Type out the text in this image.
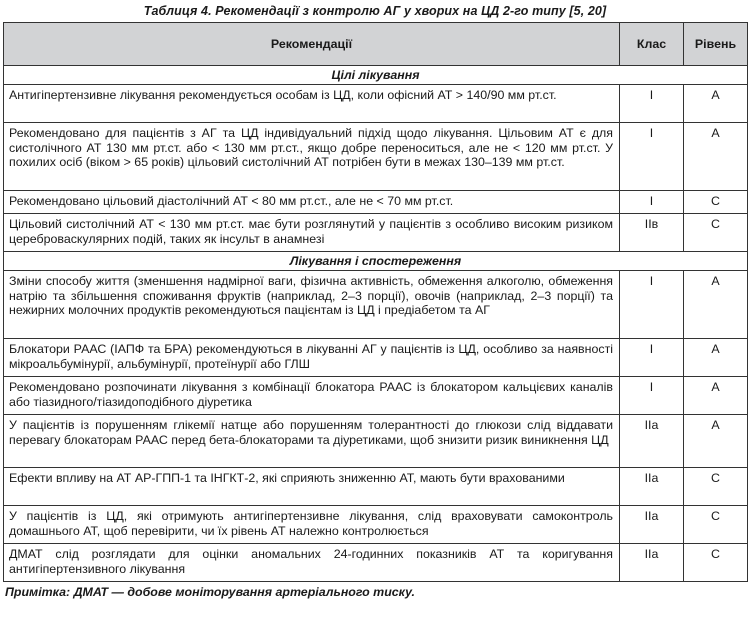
Таблиця 4. Рекомендації з контролю АГ у хворих на ЦД 2-го типу [5, 20]
Рекомендації	Клас	Рівень
Цілі лікування		
Антигіпертензивне лікування рекомендується особам із ЦД, коли офісний АТ > 140/90 мм рт.ст.	I	A
Рекомендовано для пацієнтів з АГ та ЦД індивідуальний підхід щодо лікування. Цільовим АТ є для систолічного АТ 130 мм рт.ст. або < 130 мм рт.ст., якщо добре переноситься, але не < 120 мм рт.ст. У похилих осіб (віком > 65 років) цільовий систолічний АТ потрібен бути в межах 130–139 мм рт.ст.	I	A
Рекомендовано цільовий діастолічний АТ < 80 мм рт.ст., але не < 70 мм рт.ст.	I	C
Цільовий систолічний АТ < 130 мм рт.ст. має бути розглянутий у пацієнтів з особливо високим ризиком цереброваскулярних подій, таких як інсульт в анамнезі	IIв	C
Лікування і спостереження		
Зміни способу життя (зменшення надмірної ваги, фізична активність, обмеження алкоголю, обмеження натрію та збільшення споживання фруктів (наприклад, 2–3 порції), овочів (наприклад, 2–3 порції) та нежирних молочних продуктів рекомендуються пацієнтам із ЦД і предіабетом та АГ	I	A
Блокатори РААС (ІАПФ та БРА) рекомендуються в лікуванні АГ у пацієнтів із ЦД, особливо за наявності мікроальбумінурії, альбумінурії, протеїнурії або ГЛШ	I	A
Рекомендовано розпочинати лікування з комбінації блокатора РААС із блокатором кальцієвих каналів або тіазидного/тіазидоподібного діуретика	I	A
У пацієнтів із порушенням глікемії натще або порушенням толерантності до глюкози слід віддавати перевагу блокаторам РААС перед бета-блокаторами та діуретиками, щоб знизити ризик виникнення ЦД	IIa	A
Ефекти впливу на АТ АР-ГПП-1 та ІНГКТ-2, які сприяють зниженню АТ, мають бути врахованими	IIa	C
У пацієнтів із ЦД, які отримують антигіпертензивне лікування, слід враховувати самоконтроль домашнього АТ, щоб перевірити, чи їх рівень АТ належно контролюється	IIa	C
ДМАТ слід розглядати для оцінки аномальних 24-годинних показників АТ та коригування антигіпертензивного лікування	IIa	C
Примітка: ДМАТ — добове моніторування артеріального тиску.
